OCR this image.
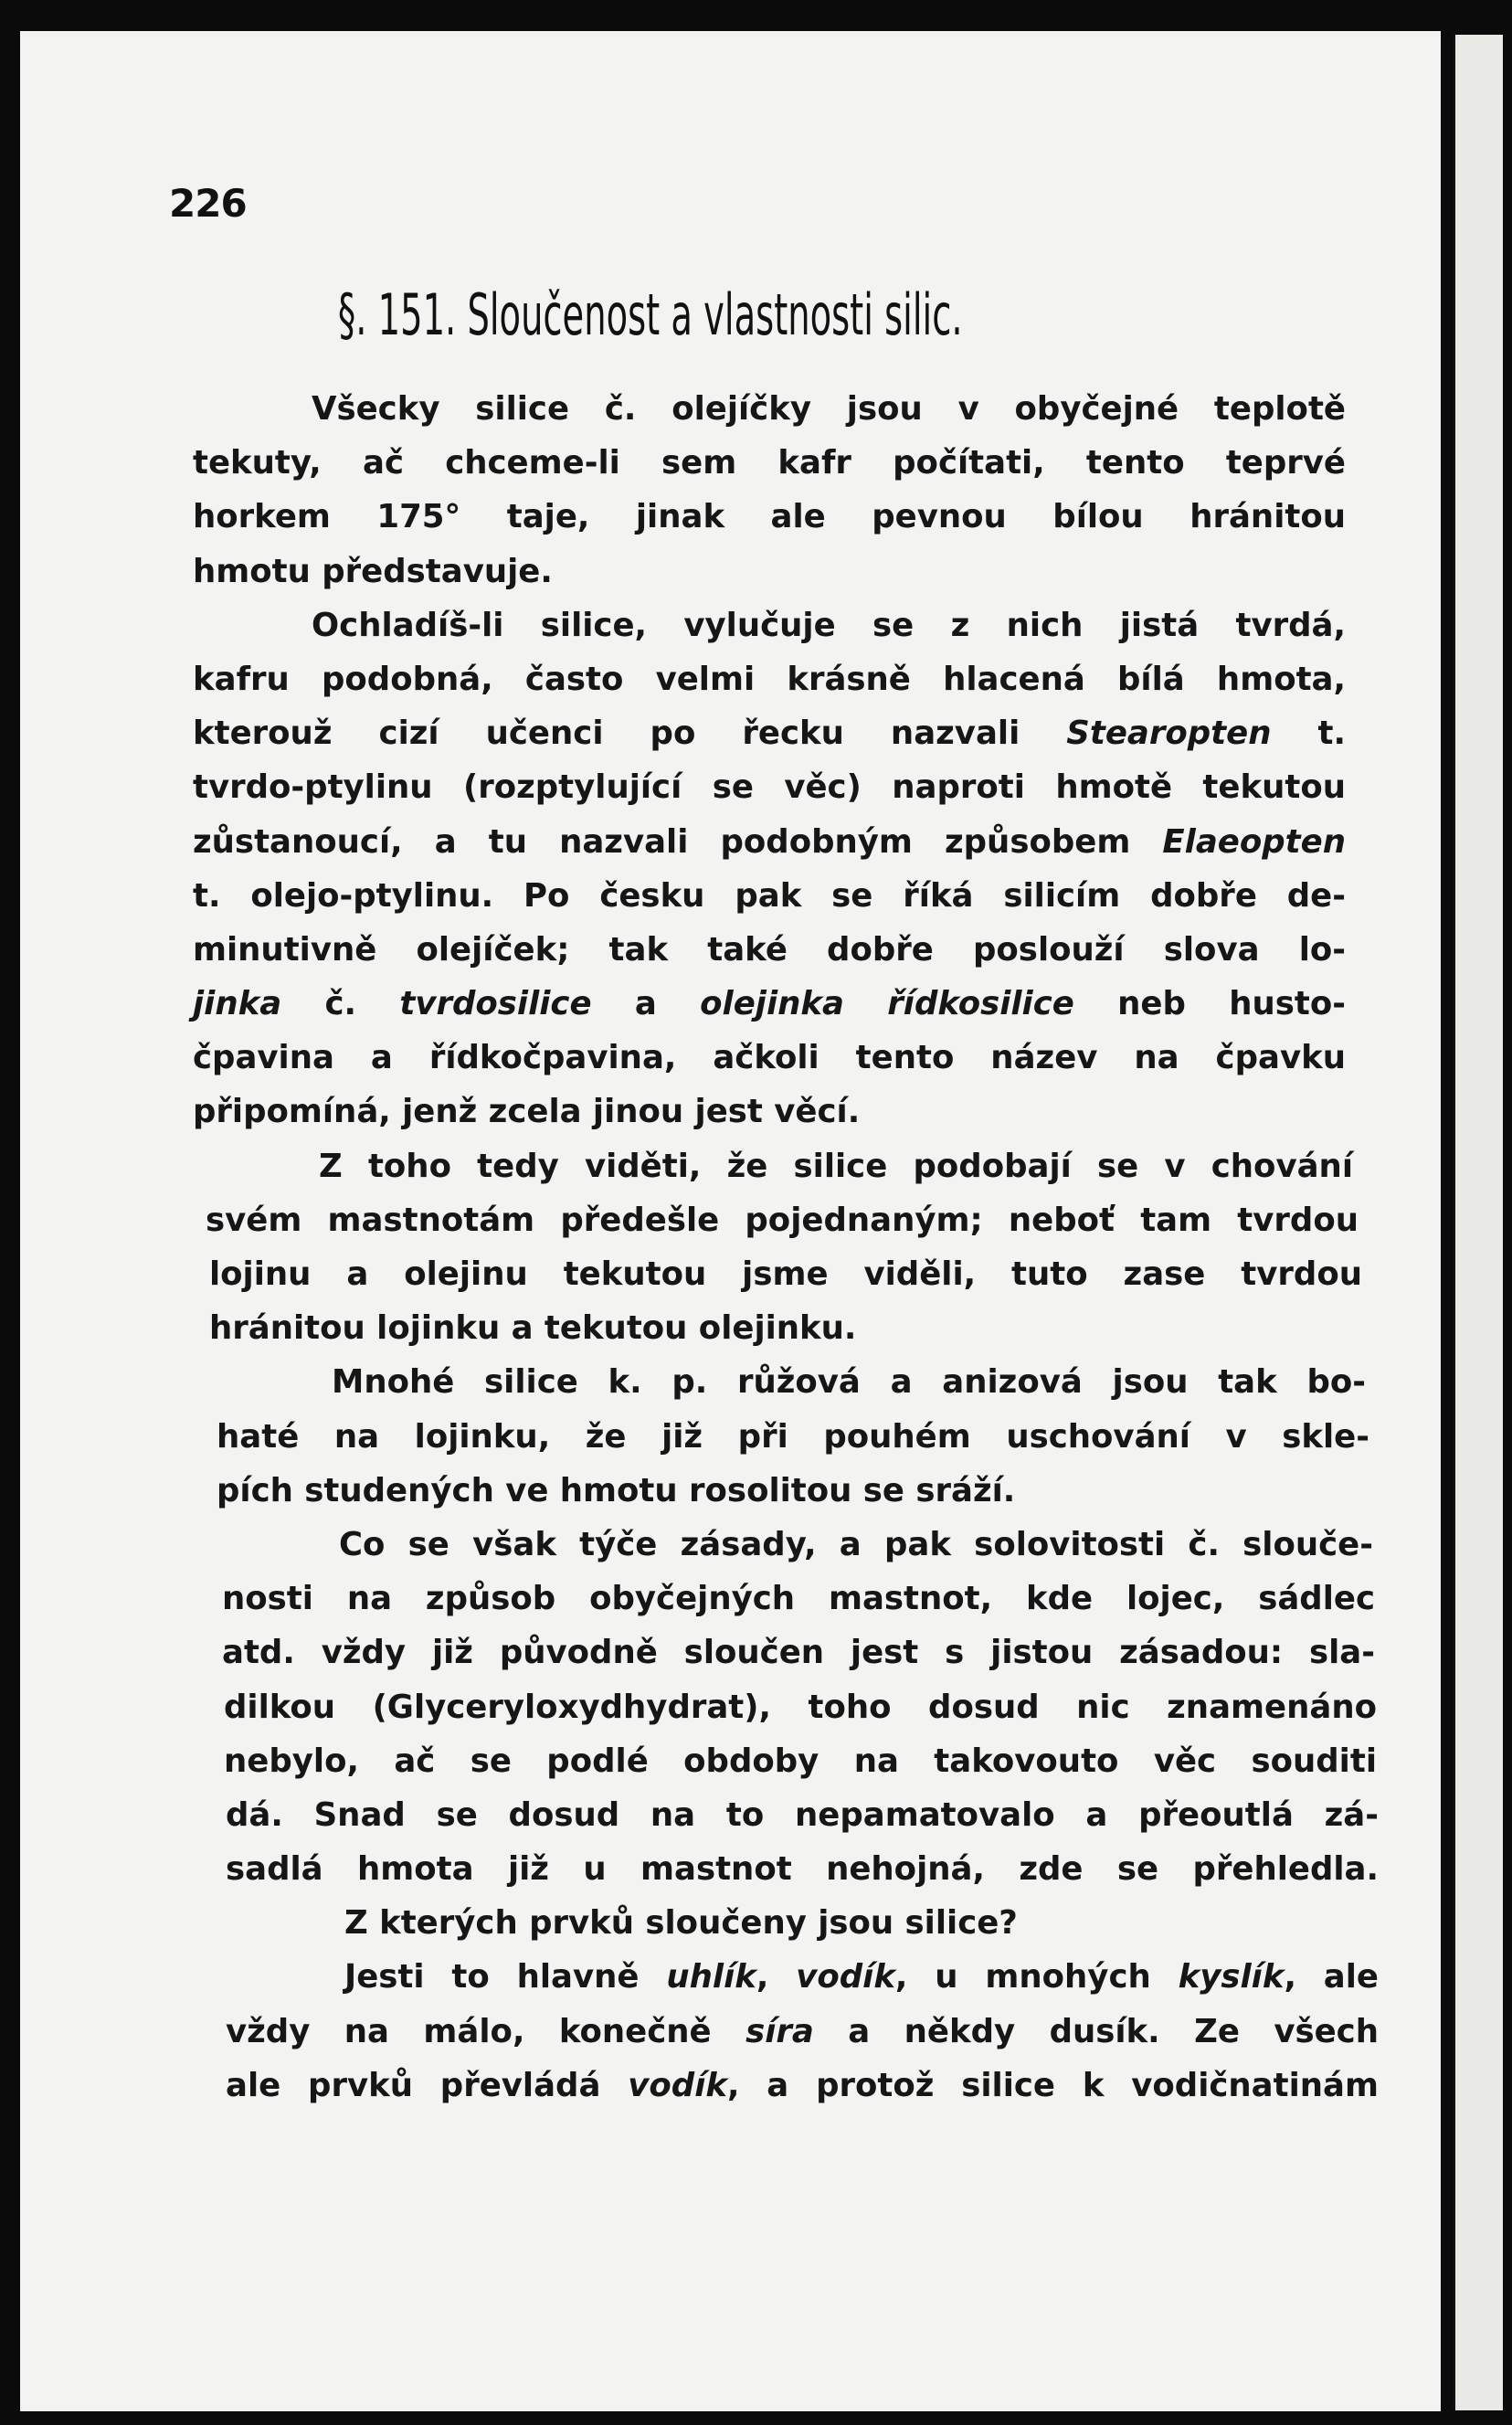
226
§. 151. Sloučenost a vlastnosti silic.
Všecky silice č. olejíčky jsou v obyčejné teplotě
tekuty, ač chceme-li sem kafr počítati, tento teprvé
horkem 175° taje, jinak ale pevnou bílou hránitou
hmotu představuje.
Ochladíš-li silice, vylučuje se z nich jistá tvrdá,
kafru podobná, často velmi krásně hlacená bílá hmota,
kterouž cizí učenci po řecku nazvali Stearopten t.
tvrdo-ptylinu (rozptylující se věc) naproti hmotě tekutou
zůstanoucí, a tu nazvali podobným způsobem Elaeopten
t. olejo-ptylinu. Po česku pak se říká silicím dobře de-
minutivně olejíček; tak také dobře poslouží slova lo-
jinka č. tvrdosilice a olejinka řídkosilice neb husto-
čpavina a řídkočpavina, ačkoli tento název na čpavku
připomíná, jenž zcela jinou jest věcí.
Z toho tedy viděti, že silice podobají se v chování
svém mastnotám předešle pojednaným; neboť tam tvrdou
lojinu a olejinu tekutou jsme viděli, tuto zase tvrdou
hránitou lojinku a tekutou olejinku.
Mnohé silice k. p. růžová a anizová jsou tak bo-
haté na lojinku, že již při pouhém uschování v skle-
pích studených ve hmotu rosolitou se sráží.
Co se však týče zásady, a pak solovitosti č. slouče-
nosti na způsob obyčejných mastnot, kde lojec, sádlec
atd. vždy již původně sloučen jest s jistou zásadou: sla-
dilkou (Glyceryloxydhydrat), toho dosud nic znamenáno
nebylo, ač se podlé obdoby na takovouto věc souditi
dá. Snad se dosud na to nepamatovalo a přeoutlá zá-
sadlá hmota již u mastnot nehojná, zde se přehledla.
Z kterých prvků sloučeny jsou silice?
Jesti to hlavně uhlík, vodík, u mnohých kyslík, ale
vždy na málo, konečně síra a někdy dusík. Ze všech
ale prvků převládá vodík, a protož silice k vodičnatinám
